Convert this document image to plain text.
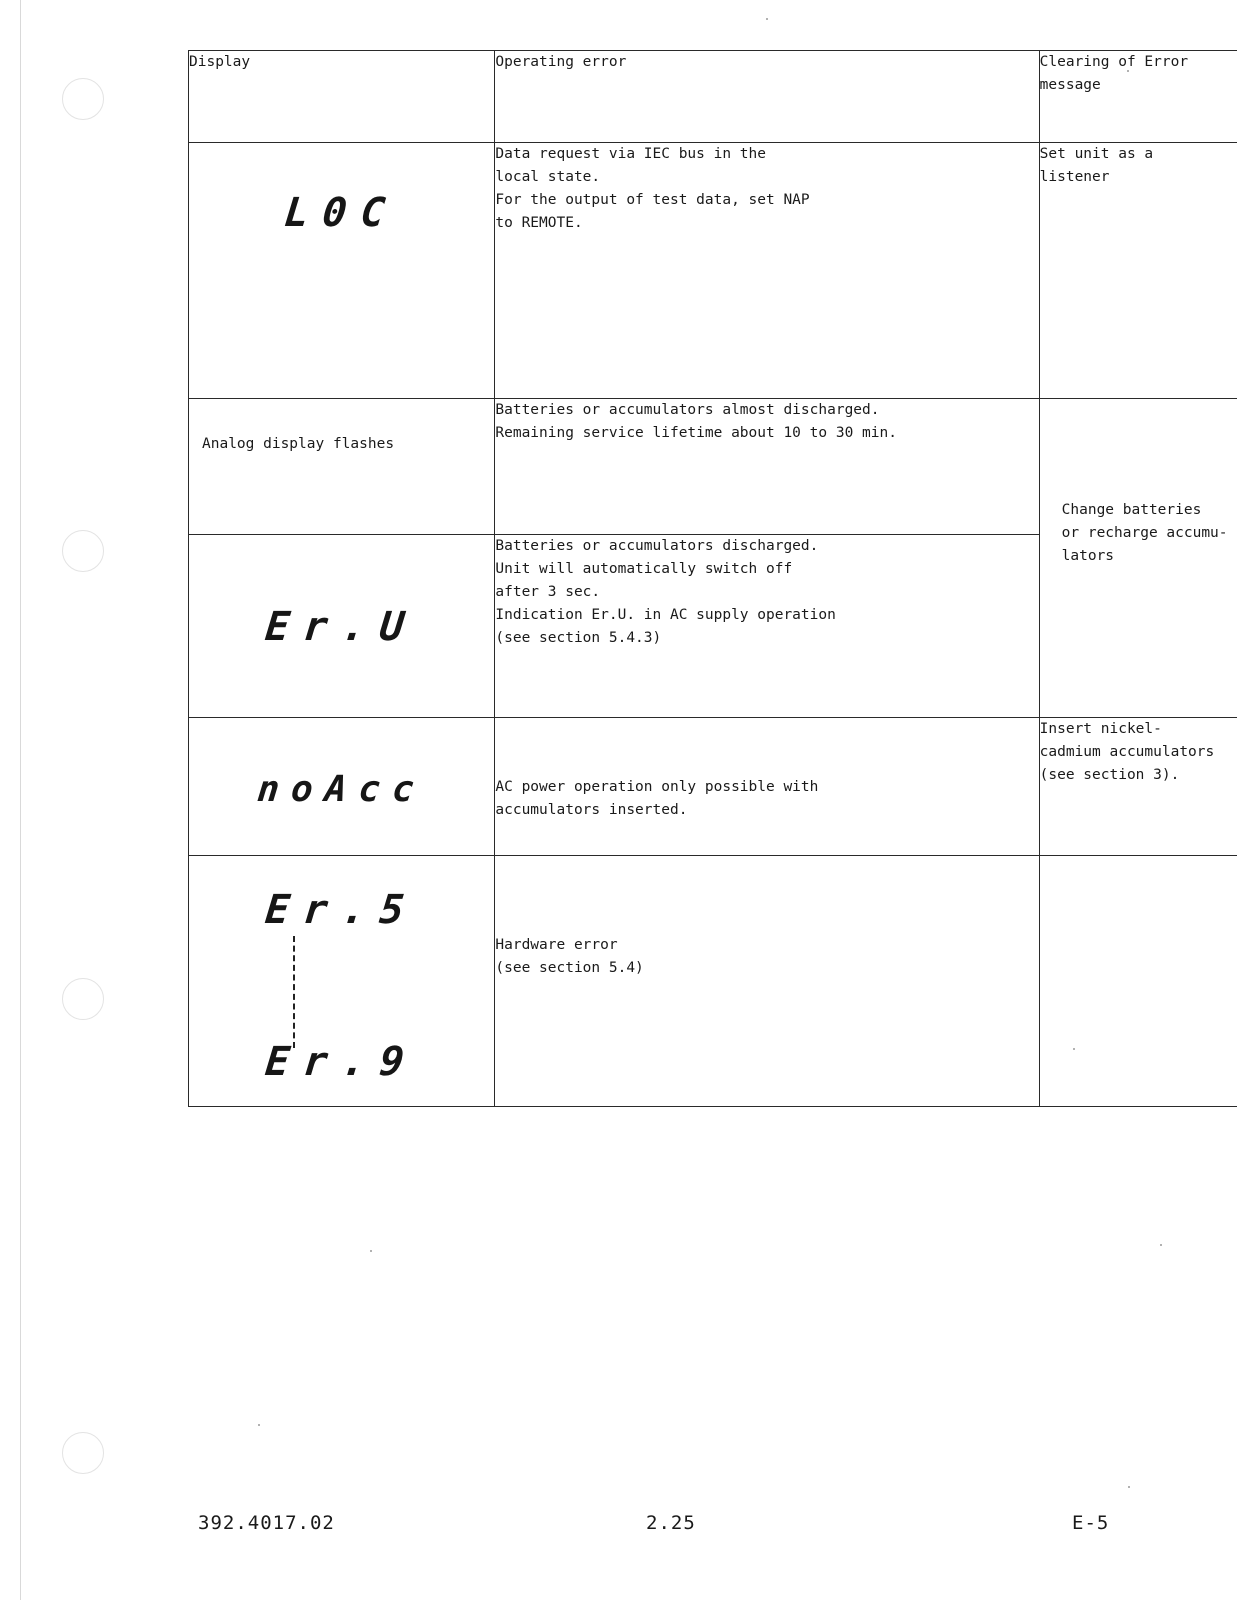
Display	Operating error	Clearing of Error
message

L0C	Data request via IEC bus in the
local state.
For the output of test data, set NAP
to REMOTE.	Set unit as a
listener

Analog display flashes	Batteries or accumulators almost discharged.
Remaining service lifetime about 10 to 30 min.	Change batteries
or recharge accumu-
lators

Er.U	Batteries or accumulators discharged.
Unit will automatically switch off
after 3 sec.
Indication Er.U. in AC supply operation
(see section 5.4.3)	

noAcc	AC power operation only possible with
accumulators inserted.	Insert nickel-
cadmium accumulators
(see section 3).

Er.5
Er.9	Hardware error
(see section 5.4)	

392.4017.02	2.25	E-5
